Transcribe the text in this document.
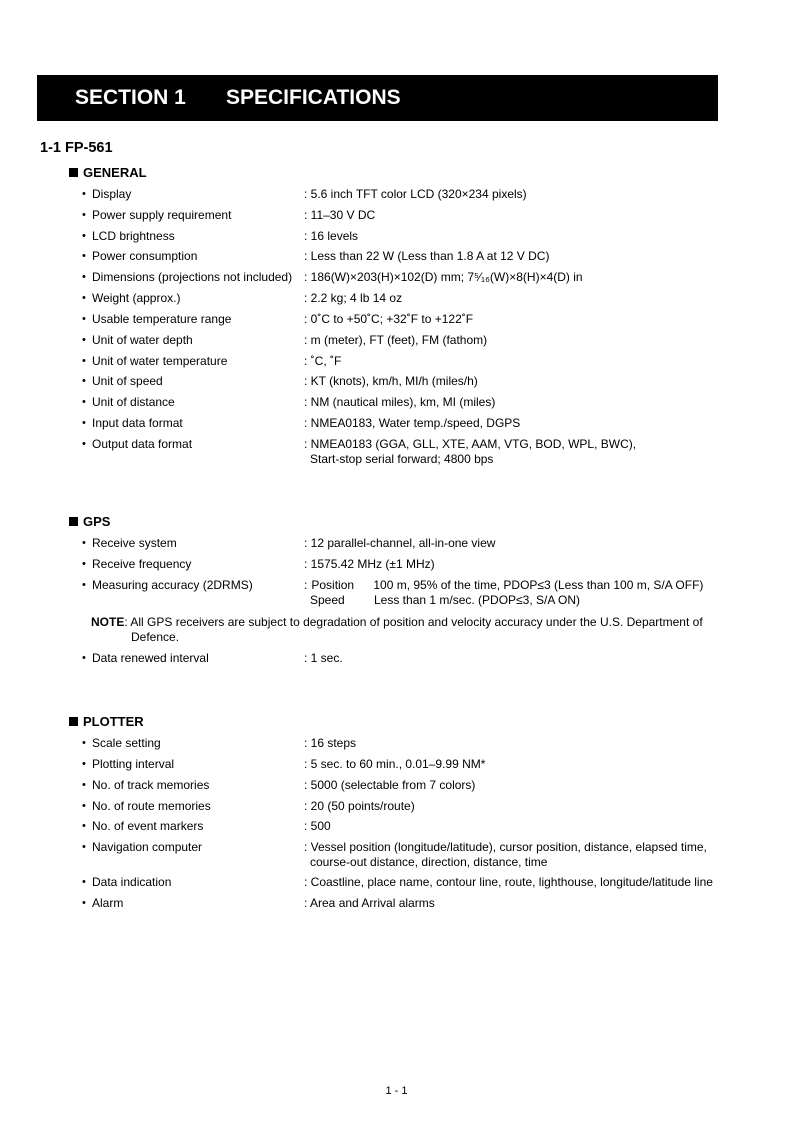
SECTION 1 SPECIFICATIONS
1-1 FP-561
GENERAL
• Display	: 5.6 inch TFT color LCD (320×234 pixels)
• Power supply requirement	: 11–30 V DC
• LCD brightness	: 16 levels
• Power consumption	: Less than 22 W (Less than 1.8 A at 12 V DC)
• Dimensions (projections not included) : 186(W)×203(H)×102(D) mm; 7⁵⁄₁₆(W)×8(H)×4(D) in
• Weight (approx.)	: 2.2 kg; 4 lb 14 oz
• Usable temperature range	: 0˚C to +50˚C; +32˚F to +122˚F
• Unit of water depth	: m (meter), FT (feet), FM (fathom)
• Unit of water temperature	: ˚C, ˚F
• Unit of speed	: KT (knots), km/h, MI/h (miles/h)
• Unit of distance	: NM (nautical miles), km, MI (miles)
• Input data format	: NMEA0183, Water temp./speed, DGPS
• Output data format	: NMEA0183 (GGA, GLL, XTE, AAM, VTG, BOD, WPL, BWC),
Start-stop serial forward; 4800 bps
GPS
• Receive system	: 12 parallel-channel, all-in-one view
• Receive frequency	: 1575.42 MHz (±1 MHz)
• Measuring accuracy (2DRMS)	: Position 100 m, 95% of the time, PDOP≤3 (Less than 100 m, S/A OFF)
Speed Less than 1 m/sec. (PDOP≤3, S/A ON)
NOTE: All GPS receivers are subject to degradation of position and velocity accuracy under the U.S. Department of
Defence.
• Data renewed interval	: 1 sec.
PLOTTER
• Scale setting	: 16 steps
• Plotting interval	: 5 sec. to 60 min., 0.01–9.99 NM*
• No. of track memories	: 5000 (selectable from 7 colors)
• No. of route memories	: 20 (50 points/route)
• No. of event markers	: 500
• Navigation computer	: Vessel position (longitude/latitude), cursor position, distance, elapsed time,
course-out distance, direction, distance, time
• Data indication	: Coastline, place name, contour line, route, lighthouse, longitude/latitude line
• Alarm	: Area and Arrival alarms
1 - 1
